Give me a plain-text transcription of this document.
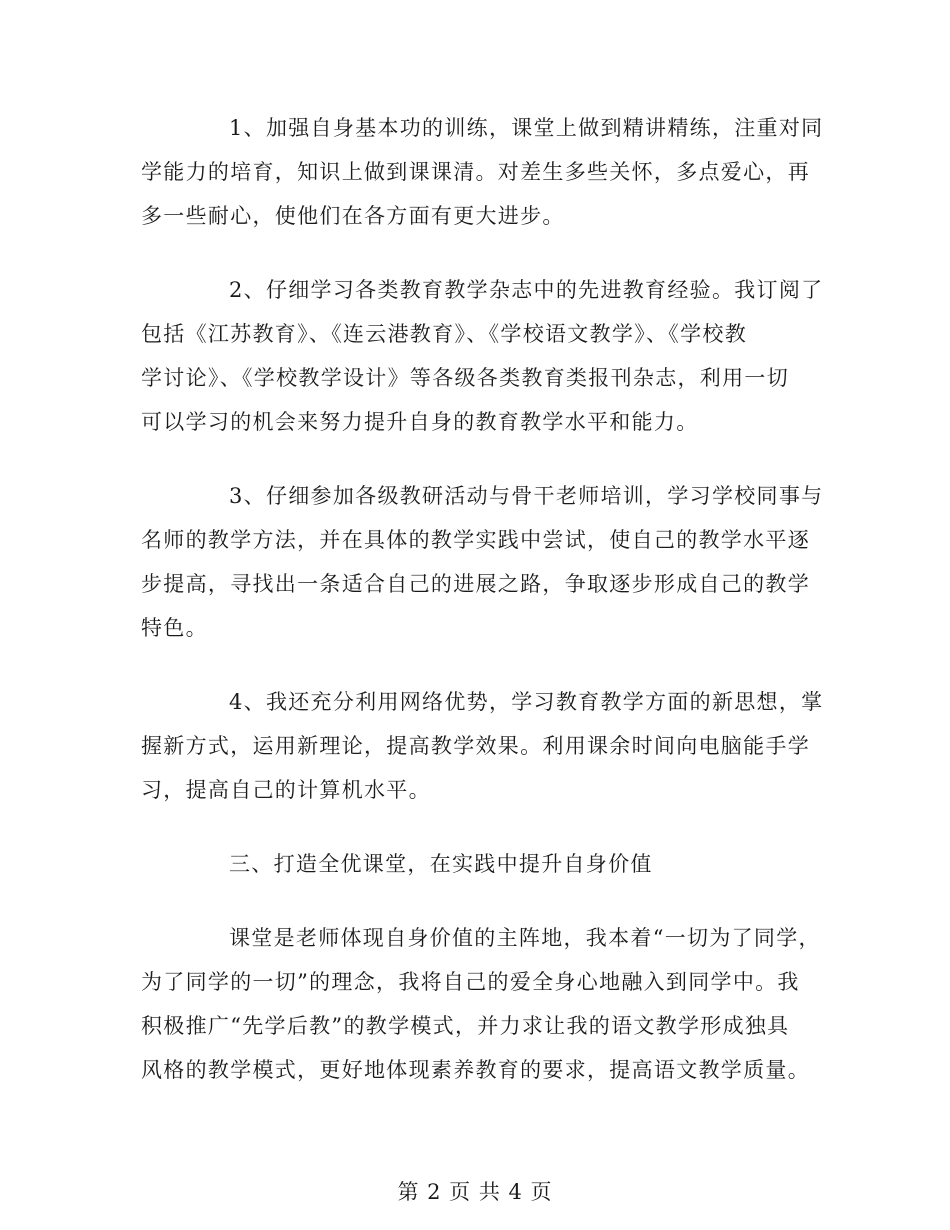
1、加强自身基本功的训练，课堂上做到精讲精练，注重对同
学能力的培育，知识上做到课课清。对差生多些关怀，多点爱心，再
多一些耐心，使他们在各方面有更大进步。

2、仔细学习各类教育教学杂志中的先进教育经验。我订阅了
包括《江苏教育》、《连云港教育》、《学校语文教学》、《学校教
学讨论》、《学校教学设计》等各级各类教育类报刊杂志，利用一切
可以学习的机会来努力提升自身的教育教学水平和能力。

3、仔细参加各级教研活动与骨干老师培训，学习学校同事与
名师的教学方法，并在具体的教学实践中尝试，使自己的教学水平逐
步提高，寻找出一条适合自己的进展之路，争取逐步形成自己的教学
特色。

4、我还充分利用网络优势，学习教育教学方面的新思想，掌
握新方式，运用新理论，提高教学效果。利用课余时间向电脑能手学
习，提高自己的计算机水平。

三、打造全优课堂，在实践中提升自身价值

课堂是老师体现自身价值的主阵地，我本着“一切为了同学，
为了同学的一切”的理念，我将自己的爱全身心地融入到同学中。我
积极推广“先学后教”的教学模式，并力求让我的语文教学形成独具
风格的教学模式，更好地体现素养教育的要求，提高语文教学质量。

第 2 页 共 4 页
